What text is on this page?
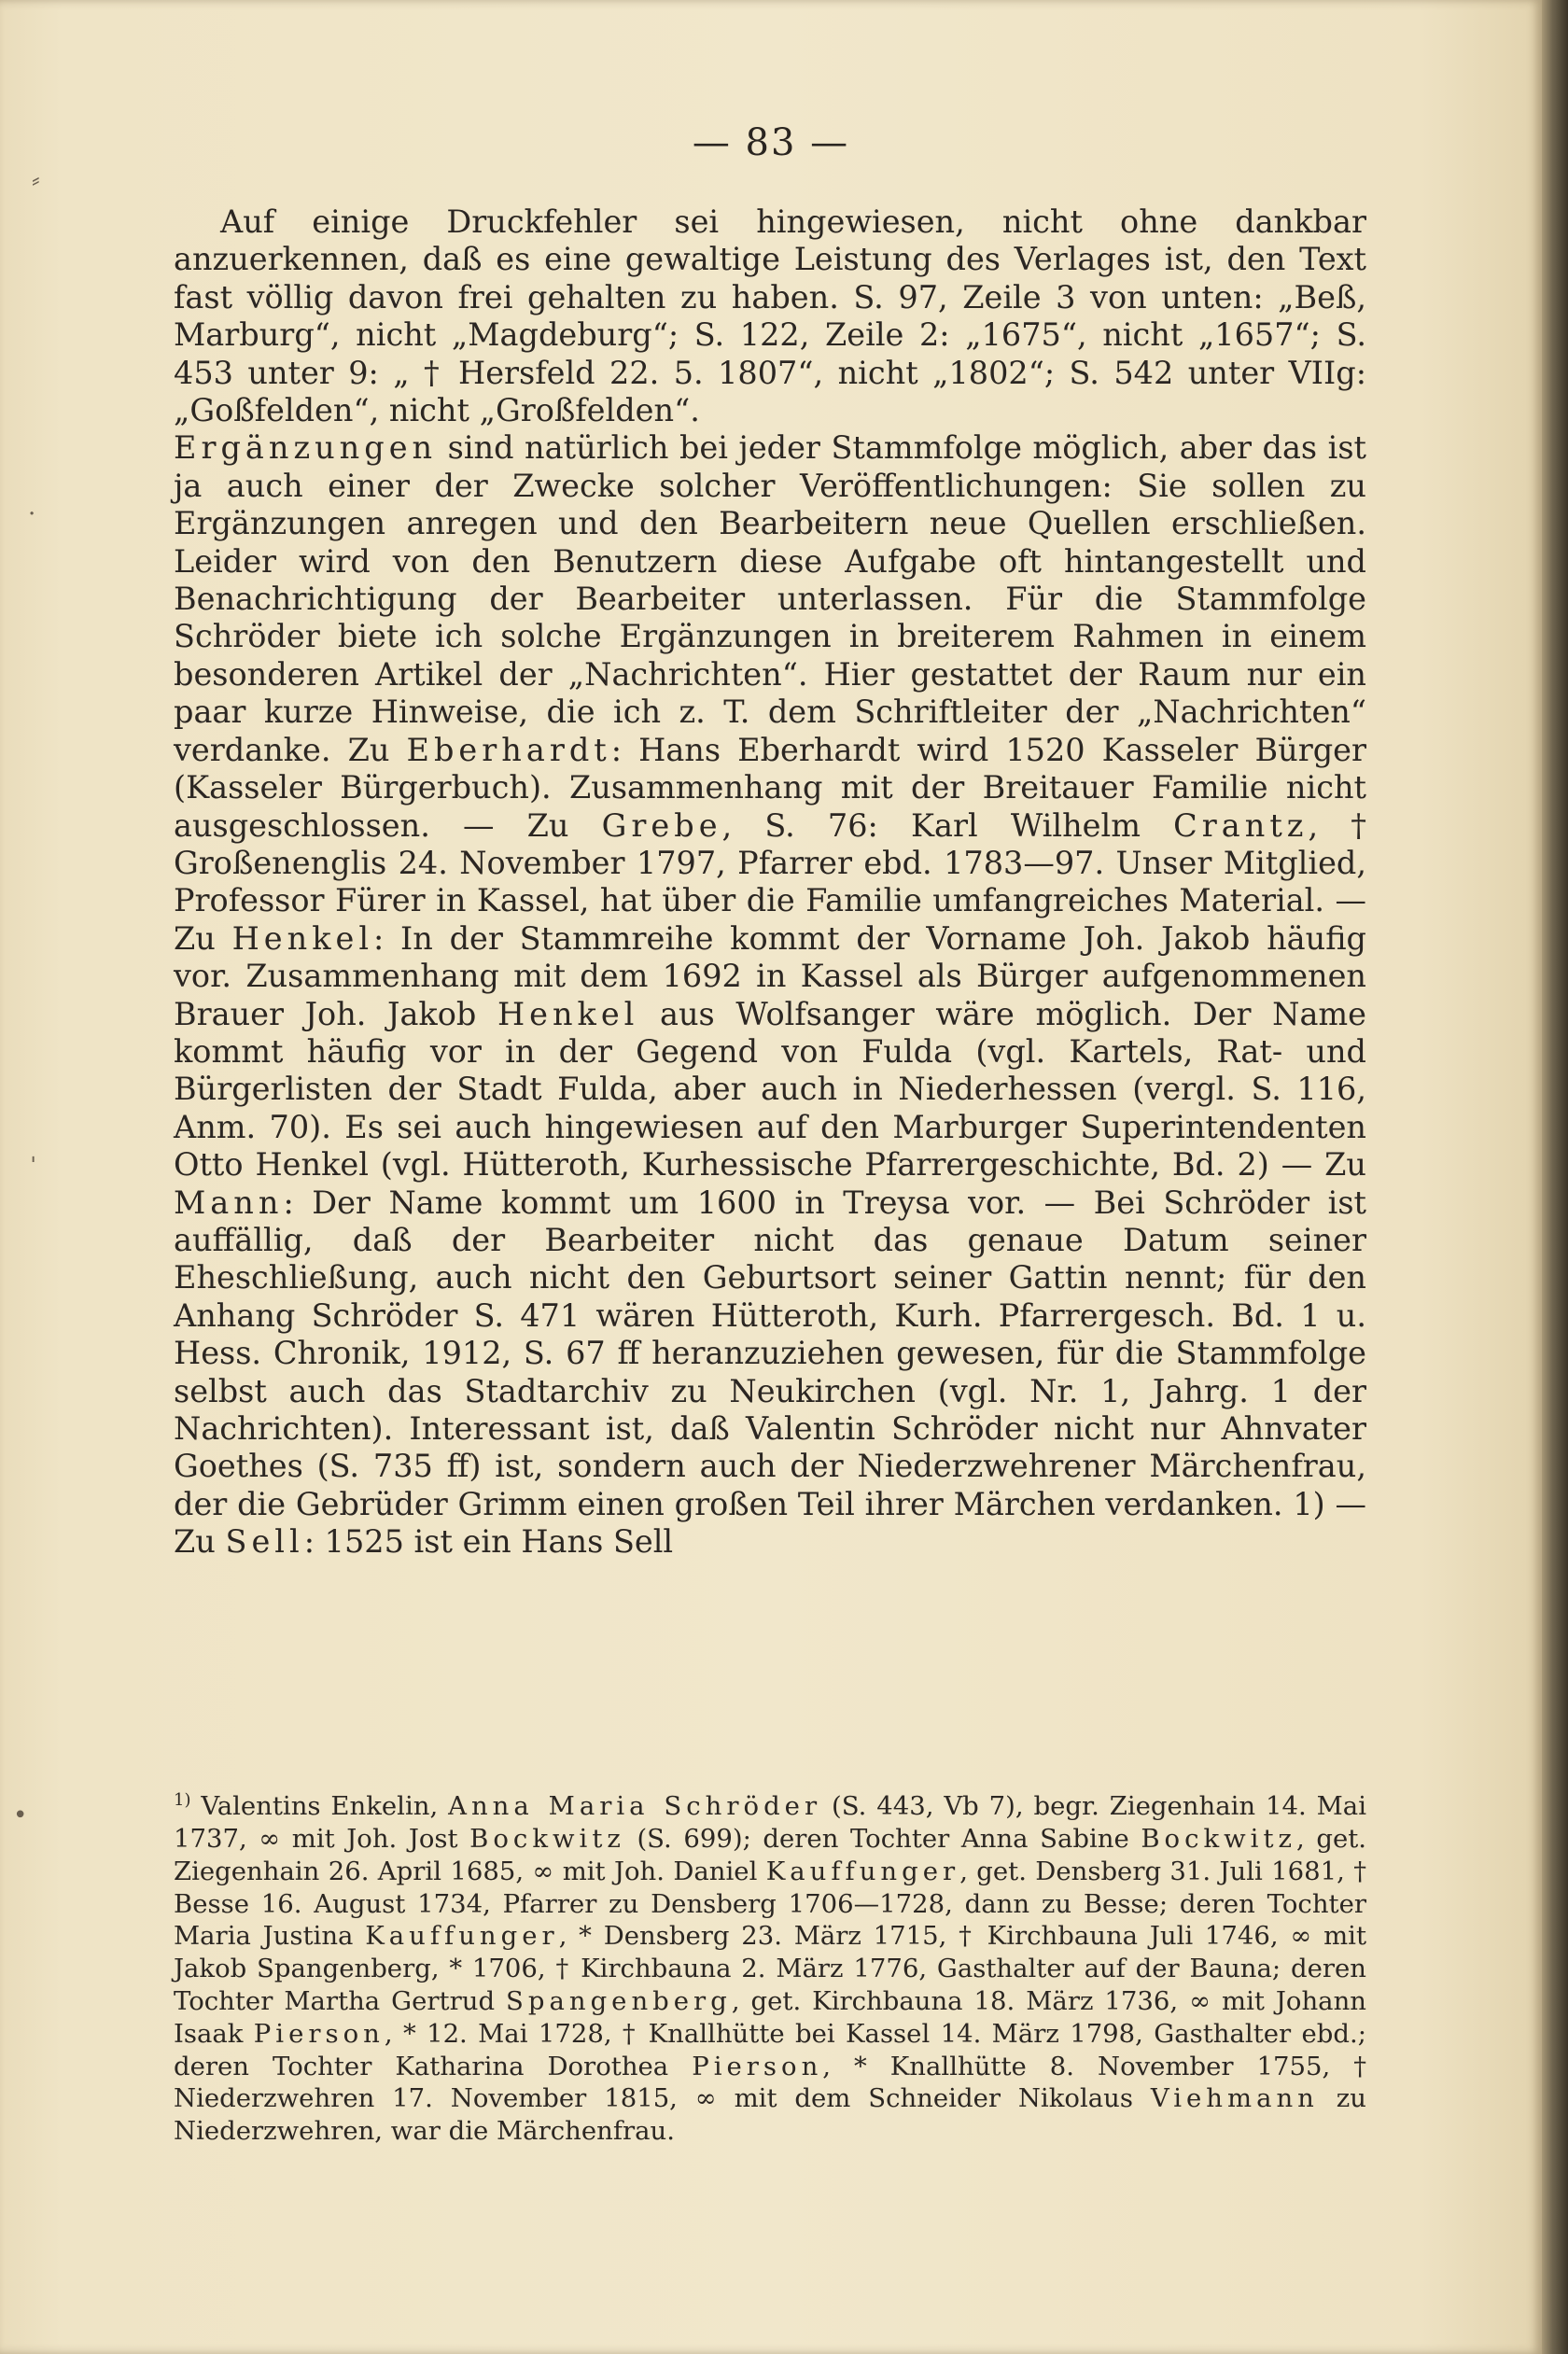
— 83 —

Auf einige Druckfehler sei hingewiesen, nicht ohne dankbar anzuerkennen, daß es eine gewaltige Leistung des Verlages ist, den Text fast völlig davon frei gehalten zu haben. S. 97, Zeile 3 von unten: „Beß, Marburg“, nicht „Magdeburg“; S. 122, Zeile 2: „1675“, nicht „1657“; S. 453 unter 9: „ † Hersfeld 22. 5. 1807“, nicht „1802“; S. 542 unter VIIg: „Goßfelden“, nicht „Großfelden“.

Ergänzungen sind natürlich bei jeder Stammfolge möglich, aber das ist ja auch einer der Zwecke solcher Veröffentlichungen: Sie sollen zu Ergänzungen anregen und den Bearbeitern neue Quellen erschließen. Leider wird von den Benutzern diese Aufgabe oft hintangestellt und Benachrichtigung der Bearbeiter unterlassen. Für die Stammfolge Schröder biete ich solche Ergänzungen in breiterem Rahmen in einem besonderen Artikel der „Nachrichten“. Hier gestattet der Raum nur ein paar kurze Hinweise, die ich z. T. dem Schriftleiter der „Nachrichten“ verdanke. Zu Eberhardt: Hans Eberhardt wird 1520 Kasseler Bürger (Kasseler Bürgerbuch). Zusammenhang mit der Breitauer Familie nicht ausgeschlossen. — Zu Grebe, S. 76: Karl Wilhelm Crantz, † Großenenglis 24. November 1797, Pfarrer ebd. 1783—97. Unser Mitglied, Professor Fürer in Kassel, hat über die Familie umfangreiches Material. — Zu Henkel: In der Stammreihe kommt der Vorname Joh. Jakob häufig vor. Zusammenhang mit dem 1692 in Kassel als Bürger aufgenommenen Brauer Joh. Jakob Henkel aus Wolfsanger wäre möglich. Der Name kommt häufig vor in der Gegend von Fulda (vgl. Kartels, Rat- und Bürgerlisten der Stadt Fulda, aber auch in Niederhessen (vergl. S. 116, Anm. 70). Es sei auch hingewiesen auf den Marburger Superintendenten Otto Henkel (vgl. Hütteroth, Kurhessische Pfarrergeschichte, Bd. 2) — Zu Mann: Der Name kommt um 1600 in Treysa vor. — Bei Schröder ist auffällig, daß der Bearbeiter nicht das genaue Datum seiner Eheschließung, auch nicht den Geburtsort seiner Gattin nennt; für den Anhang Schröder S. 471 wären Hütteroth, Kurh. Pfarrergesch. Bd. 1 u. Hess. Chronik, 1912, S. 67 ff heranzuziehen gewesen, für die Stammfolge selbst auch das Stadtarchiv zu Neukirchen (vgl. Nr. 1, Jahrg. 1 der Nachrichten). Interessant ist, daß Valentin Schröder nicht nur Ahnvater Goethes (S. 735 ff) ist, sondern auch der Niederzwehrener Märchenfrau, der die Gebrüder Grimm einen großen Teil ihrer Märchen verdanken. 1) — Zu Sell: 1525 ist ein Hans Sell

$^{1)}$ Valentins Enkelin, Anna Maria Schröder (S. 443, Vb 7), begr. Ziegenhain 14. Mai 1737, ∞ mit Joh. Jost Bockwitz (S. 699); deren Tochter Anna Sabine Bockwitz, get. Ziegenhain 26. April 1685, ∞ mit Joh. Daniel Kauffunger, get. Densberg 31. Juli 1681, † Besse 16. August 1734, Pfarrer zu Densberg 1706—1728, dann zu Besse; deren Tochter Maria Justina Kauffunger, * Densberg 23. März 1715, † Kirchbauna Juli 1746, ∞ mit Jakob Spangenberg, * 1706, † Kirchbauna 2. März 1776, Gasthalter auf der Bauna; deren Tochter Martha Gertrud Spangenberg, get. Kirchbauna 18. März 1736, ∞ mit Johann Isaak Pierson, * 12. Mai 1728, † Knallhütte bei Kassel 14. März 1798, Gasthalter ebd.; deren Tochter Katharina Dorothea Pierson, * Knallhütte 8. November 1755, † Niederzwehren 17. November 1815, ∞ mit dem Schneider Nikolaus Viehmann zu Niederzwehren, war die Märchenfrau.
⸗
·
ˈ
•
